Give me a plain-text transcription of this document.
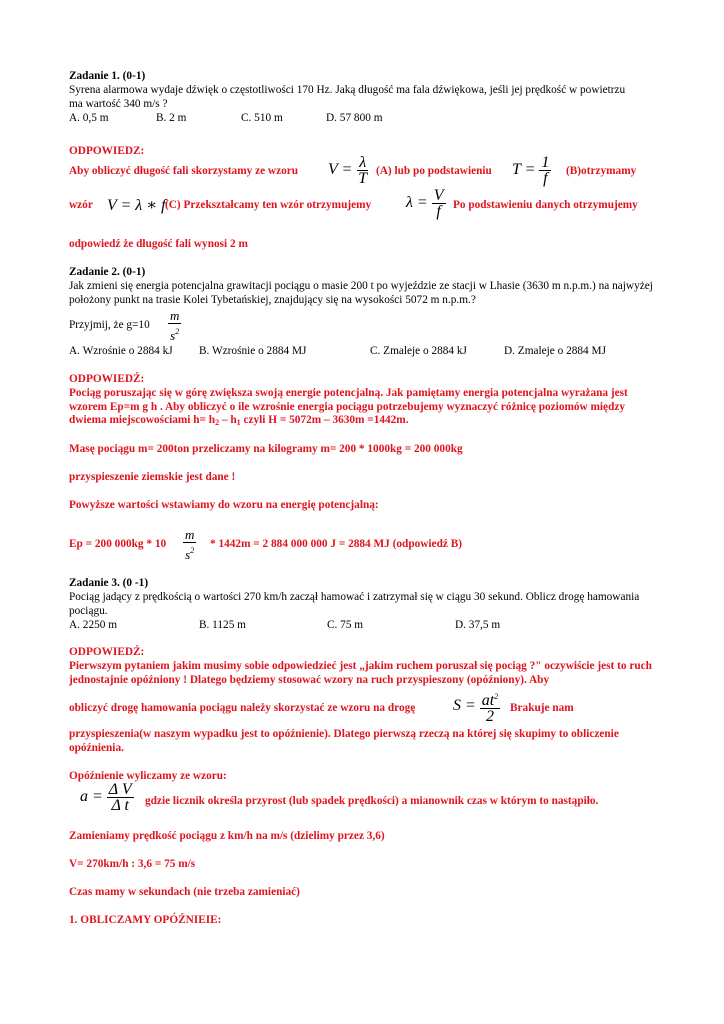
Zadanie 1. (0-1)
Syrena alarmowa wydaje dźwięk o częstotliwości 170 Hz. Jaką długość ma fala dźwiękowa, jeśli jej prędkość w powietrzu ma wartość 340 m/s ?
A. 0,5 m	B. 2 m	C. 510 m	D. 57 800 m
ODPOWIEDZ:
Aby obliczyć długość fali skorzystamy ze wzoru $V = \frac{\lambda}{T} (A)$ lub po podstawieniu $T = \frac{1}{f}$ (B)otrzymamy
wzór V = λ ∗ f (C) Przekształcamy ten wzór otrzymujemy $\lambda = \frac{V}{f}$ Po podstawieniu danych otrzymujemy
odpowiedź że długość fali wynosi 2 m
Zadanie 2. (0-1)
Jak zmieni się energia potencjalna grawitacji pociągu o masie 200 t po wyjeździe ze stacji w Lhasie (3630 m n.p.m.) na najwyżej położony punkt na trasie Kolei Tybetańskiej, znajdujący się na wysokości 5072 m n.p.m.?
Przyjmij, że $g=10 \frac{m}{s^2}$
A. Wzrośnie o 2884 kJ B. Wzrośnie o 2884 MJ	C. Zmaleje o 2884 kJ	D. Zmaleje o 2884 MJ
ODPOWIEDŹ:
Pociąg poruszając się w górę zwiększa swoją energie potencjalną. Jak pamiętamy energia potencjalna wyrażana jest wzorem Ep=m g h . Aby obliczyć o ile wzrośnie energia pociągu potrzebujemy wyznaczyć różnicę poziomów między dwiema miejscowościami $h= h_2 - h_1$ czyli H = 5072m – 3630m =1442m.
Masę pociągu m= 200ton przeliczamy na kilogramy m= 200 * 1000kg = 200 000kg
przyspieszenie ziemskie jest dane !
Powyższe wartości wstawiamy do wzoru na energię potencjalną:
Ep = 200 $000kg * 10 \frac{m}{s^2} * 1442m = 2$ 884 000 000 J = 2884 MJ (odpowiedź B)
Zadanie 3. (0 -1)
Pociąg jadący z prędkością o wartości 270 km/h zaczął hamować i zatrzymał się w ciągu 30 sekund. Oblicz drogę hamowania pociągu.
A. 2250 m	B. 1125 m	C. 75 m	D. 37,5 m
ODPOWIEDŹ:
Pierwszym pytaniem jakim musimy sobie odpowiedzieć jest „jakim ruchem poruszał się pociąg ?" oczywiście jest to ruch jednostajnie opóźniony ! Dlatego będziemy stosować wzory na ruch przyspieszony (opóźniony). Aby
obliczyć drogę hamowania pociągu należy skorzystać ze wzoru na drogę $S = \frac{at^2}{2}$ Brakuje nam
przyspieszenia(w naszym wypadku jest to opóźnienie). Dlatego pierwszą rzeczą na której się skupimy to obliczenie opóźnienia.
Opóźnienie wyliczamy ze wzoru:
$a = \frac{\text{Δ V}}{\text{Δ t}}$ gdzie licznik określa przyrost (lub spadek prędkości) a mianownik czas w którym to nastąpiło.
Zamieniamy prędkość pociągu z km/h na m/s (dzielimy przez 3,6)
V= 270km/h : 3,6 = 75 m/s
Czas mamy w sekundach (nie trzeba zamieniać)
1. OBLICZAMY OPÓŹNIEIE:
